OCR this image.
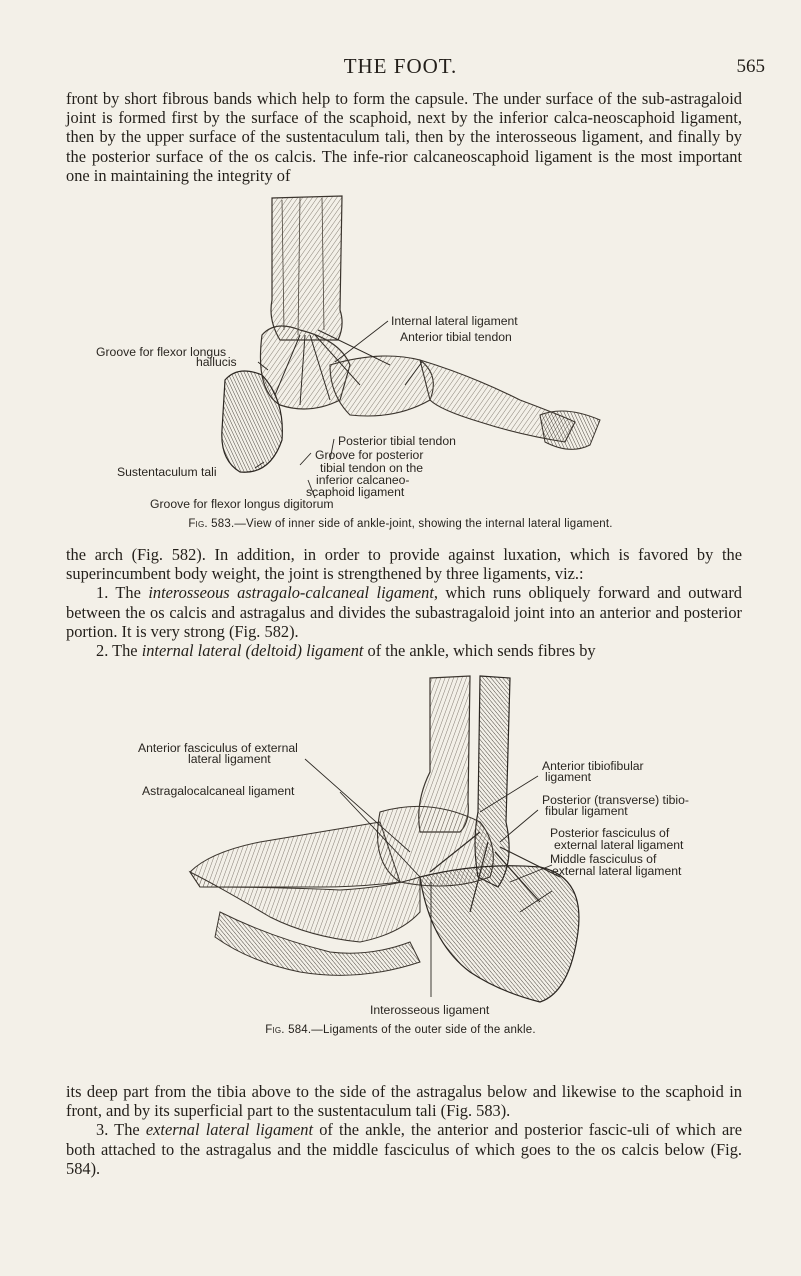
THE FOOT.	565

front by short fibrous bands which help to form the capsule. The under surface of the sub-astragaloid joint is formed first by the surface of the scaphoid, next by the inferior calca-neoscaphoid ligament, then by the upper surface of the sustentaculum tali, then by the interosseous ligament, and finally by the posterior surface of the os calcis. The infe-rior calcaneoscaphoid ligament is the most important one in maintaining the integrity of

Internal lateral ligament
Anterior tibial tendon
Groove for flexor longus
hallucis
Posterior tibial tendon
Groove for posterior
tibial tendon on the
inferior calcaneo-
scaphoid ligament
Sustentaculum tali
Groove for flexor longus digitorum
Fig. 583.—View of inner side of ankle-joint, showing the internal lateral ligament.
the arch (Fig. 582). In addition, in order to provide against luxation, which is favored by the superincumbent body weight, the joint is strengthened by three ligaments, viz.:
1. The interosseous astragalo-calcaneal ligament, which runs obliquely forward and outward between the os calcis and astragalus and divides the subastragaloid joint into an anterior and posterior portion. It is very strong (Fig. 582).
2. The internal lateral (deltoid) ligament of the ankle, which sends fibres by
Anterior fasciculus of external
lateral ligament
Astragalocalcaneal ligament
Anterior tibiofibular
ligament
Posterior (transverse) tibio-
fibular ligament
Posterior fasciculus of
external lateral ligament
Middle fasciculus of
external lateral ligament
Interosseous ligament
Fig. 584.—Ligaments of the outer side of the ankle.
its deep part from the tibia above to the side of the astragalus below and likewise to the scaphoid in front, and by its superficial part to the sustentaculum tali (Fig. 583).
3. The external lateral ligament of the ankle, the anterior and posterior fascic-uli of which are both attached to the astragalus and the middle fasciculus of which goes to the os calcis below (Fig. 584).
